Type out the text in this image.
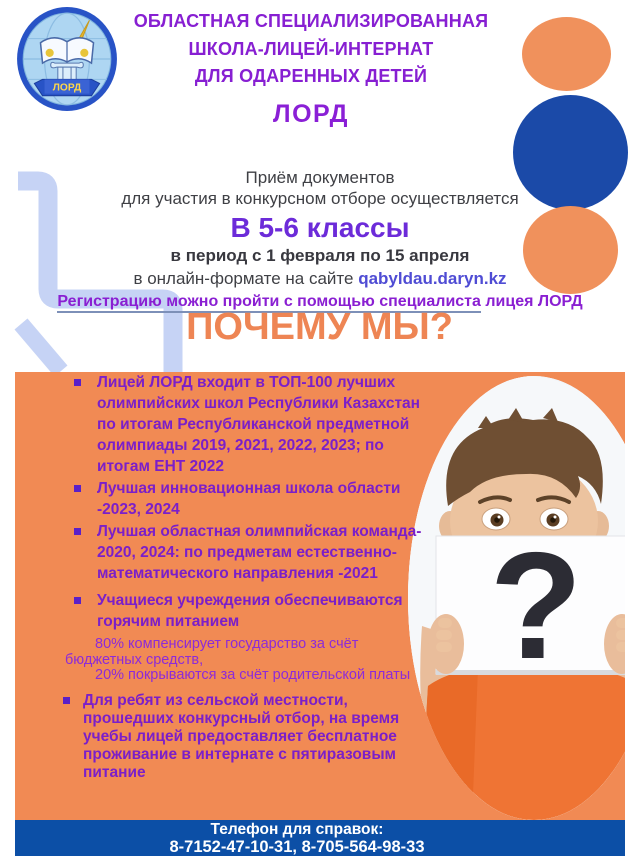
ЛОРД
ОБЛАСТНАЯ СПЕЦИАЛИЗИРОВАННАЯ
ШКОЛА-ЛИЦЕЙ-ИНТЕРНАТ
ДЛЯ ОДАРЕННЫХ ДЕТЕЙ
ЛОРД
Приём документов
для участия в конкурсном отборе осуществляется
В 5-6 классы
в период с 1 февраля по 15 апреля
в онлайн-формате на сайте qabyldau.daryn.kz
Регистрацию можно пройти с помощью специалиста лицея ЛОРД
ПОЧЕМУ МЫ?
?
Лицей ЛОРД входит в ТОП-100 лучших олимпийских школ Республики Казахстан по итогам Республиканской предметной олимпиады 2019, 2021, 2022, 2023; по итогам ЕНТ 2022
Лучшая инновационная школа области -2023, 2024
Лучшая областная олимпийская команда- 2020, 2024: по предметам естественно-математического направления -2021
Учащиеся учреждения обеспечиваются горячим питанием

80% компенсирует государство за счёт бюджетных средств,

20% покрываются за счёт родительской платы

Для ребят из сельской местности, прошедших конкурсный отбор, на время учебы лицей предоставляет бесплатное проживание в интернате с пятиразовым питание
Телефон для справок:
8-7152-47-10-31, 8-705-564-98-33
